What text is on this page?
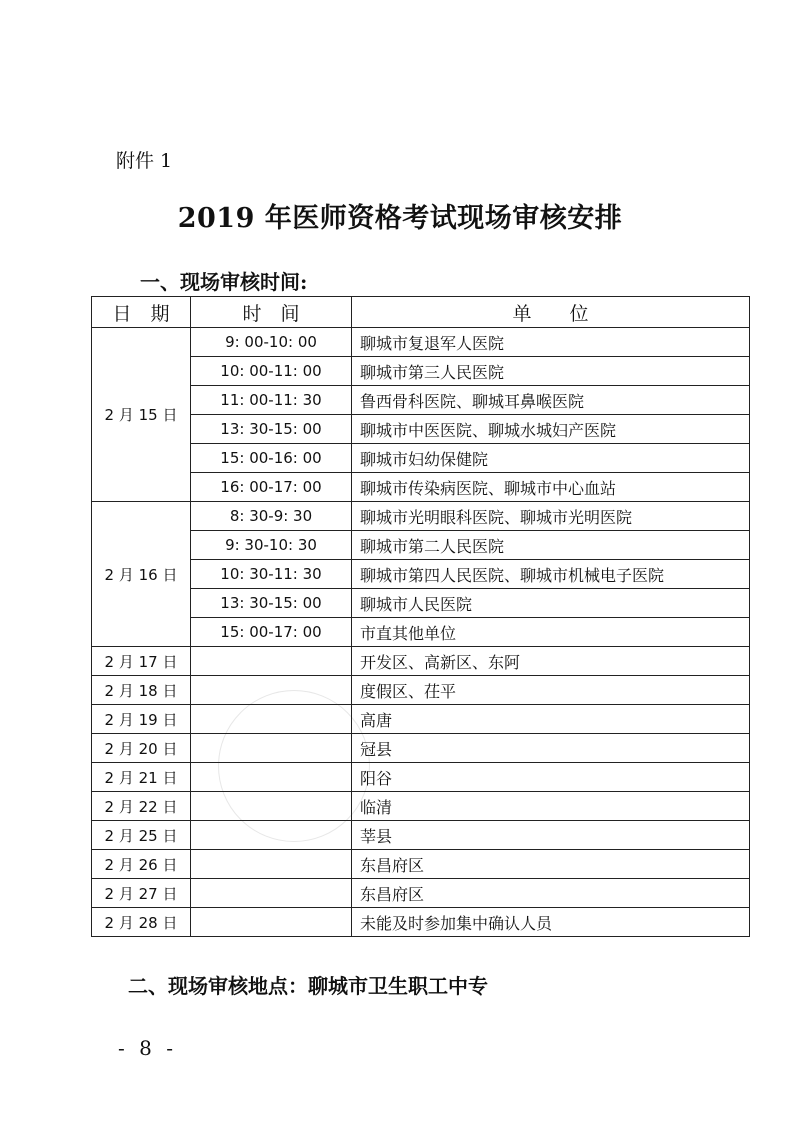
附件 1
2019 年医师资格考试现场审核安排
一、现场审核时间:
日　期	时　间	单　　位
2 月 15 日	9: 00-10: 00	聊城市复退军人医院
	10: 00-11: 00	聊城市第三人民医院
	11: 00-11: 30	鲁西骨科医院、聊城耳鼻喉医院
	13: 30-15: 00	聊城市中医医院、聊城水城妇产医院
	15: 00-16: 00	聊城市妇幼保健院
	16: 00-17: 00	聊城市传染病医院、聊城市中心血站
2 月 16 日	8: 30-9: 30	聊城市光明眼科医院、聊城市光明医院
	9: 30-10: 30	聊城市第二人民医院
	10: 30-11: 30	聊城市第四人民医院、聊城市机械电子医院
	13: 30-15: 00	聊城市人民医院
	15: 00-17: 00	市直其他单位
2 月 17 日		开发区、高新区、东阿
2 月 18 日		度假区、茌平
2 月 19 日		高唐
2 月 20 日		冠县
2 月 21 日		阳谷
2 月 22 日		临清
2 月 25 日		莘县
2 月 26 日		东昌府区
2 月 27 日		东昌府区
2 月 28 日		未能及时参加集中确认人员
二、现场审核地点：聊城市卫生职工中专
- 8 -
